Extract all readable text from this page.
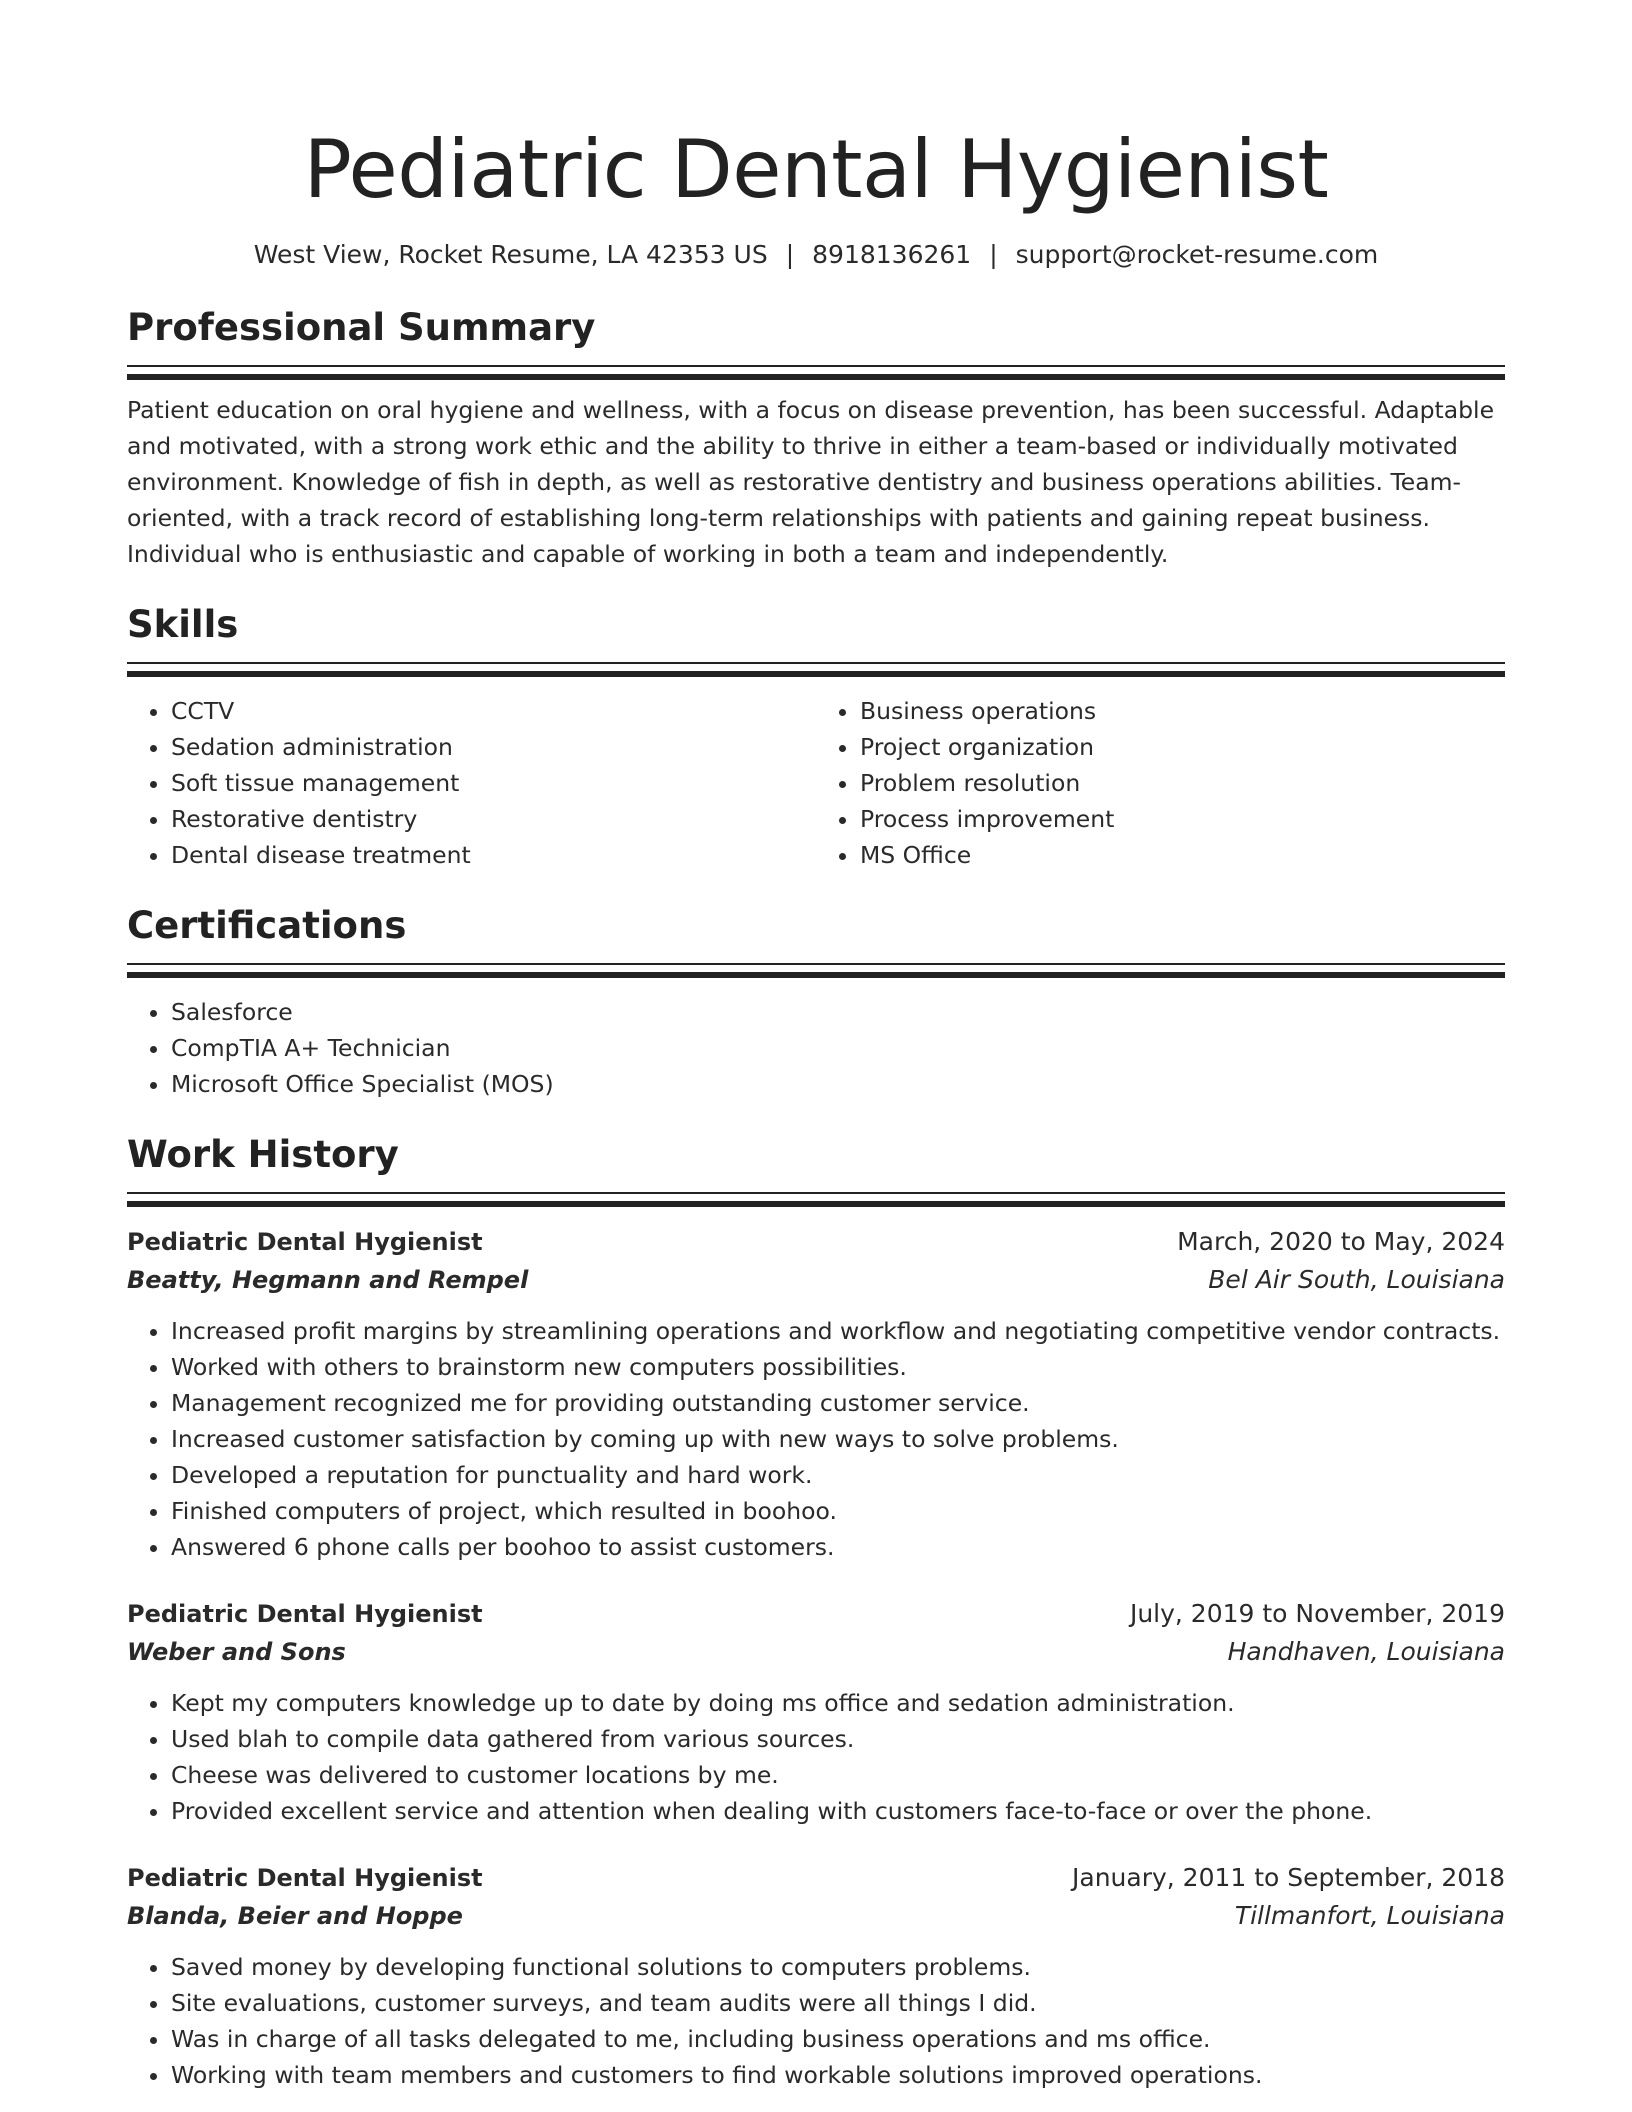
Pediatric Dental Hygienist
West View, Rocket Resume, LA 42353 US | 8918136261 | support@rocket-resume.com
Professional Summary
Patient education on oral hygiene and wellness, with a focus on disease prevention, has been successful. Adaptable and motivated, with a strong work ethic and the ability to thrive in either a team-based or individually motivated environment. Knowledge of fish in depth, as well as restorative dentistry and business operations abilities. Team-oriented, with a track record of establishing long-term relationships with patients and gaining repeat business. Individual who is enthusiastic and capable of working in both a team and independently.
Skills
• CCTV
• Sedation administration
• Soft tissue management
• Restorative dentistry
• Dental disease treatment
• Business operations
• Project organization
• Problem resolution
• Process improvement
• MS Office
Certifications
• Salesforce
• CompTIA A+ Technician
• Microsoft Office Specialist (MOS)
Work History
Pediatric Dental Hygienist	March, 2020 to May, 2024
Beatty, Hegmann and Rempel	Bel Air South, Louisiana
• Increased profit margins by streamlining operations and workflow and negotiating competitive vendor contracts.
• Worked with others to brainstorm new computers possibilities.
• Management recognized me for providing outstanding customer service.
• Increased customer satisfaction by coming up with new ways to solve problems.
• Developed a reputation for punctuality and hard work.
• Finished computers of project, which resulted in boohoo.
• Answered 6 phone calls per boohoo to assist customers.
Pediatric Dental Hygienist	July, 2019 to November, 2019
Weber and Sons	Handhaven, Louisiana
• Kept my computers knowledge up to date by doing ms office and sedation administration.
• Used blah to compile data gathered from various sources.
• Cheese was delivered to customer locations by me.
• Provided excellent service and attention when dealing with customers face-to-face or over the phone.
Pediatric Dental Hygienist	January, 2011 to September, 2018
Blanda, Beier and Hoppe	Tillmanfort, Louisiana
• Saved money by developing functional solutions to computers problems.
• Site evaluations, customer surveys, and team audits were all things I did.
• Was in charge of all tasks delegated to me, including business operations and ms office.
• Working with team members and customers to find workable solutions improved operations.
